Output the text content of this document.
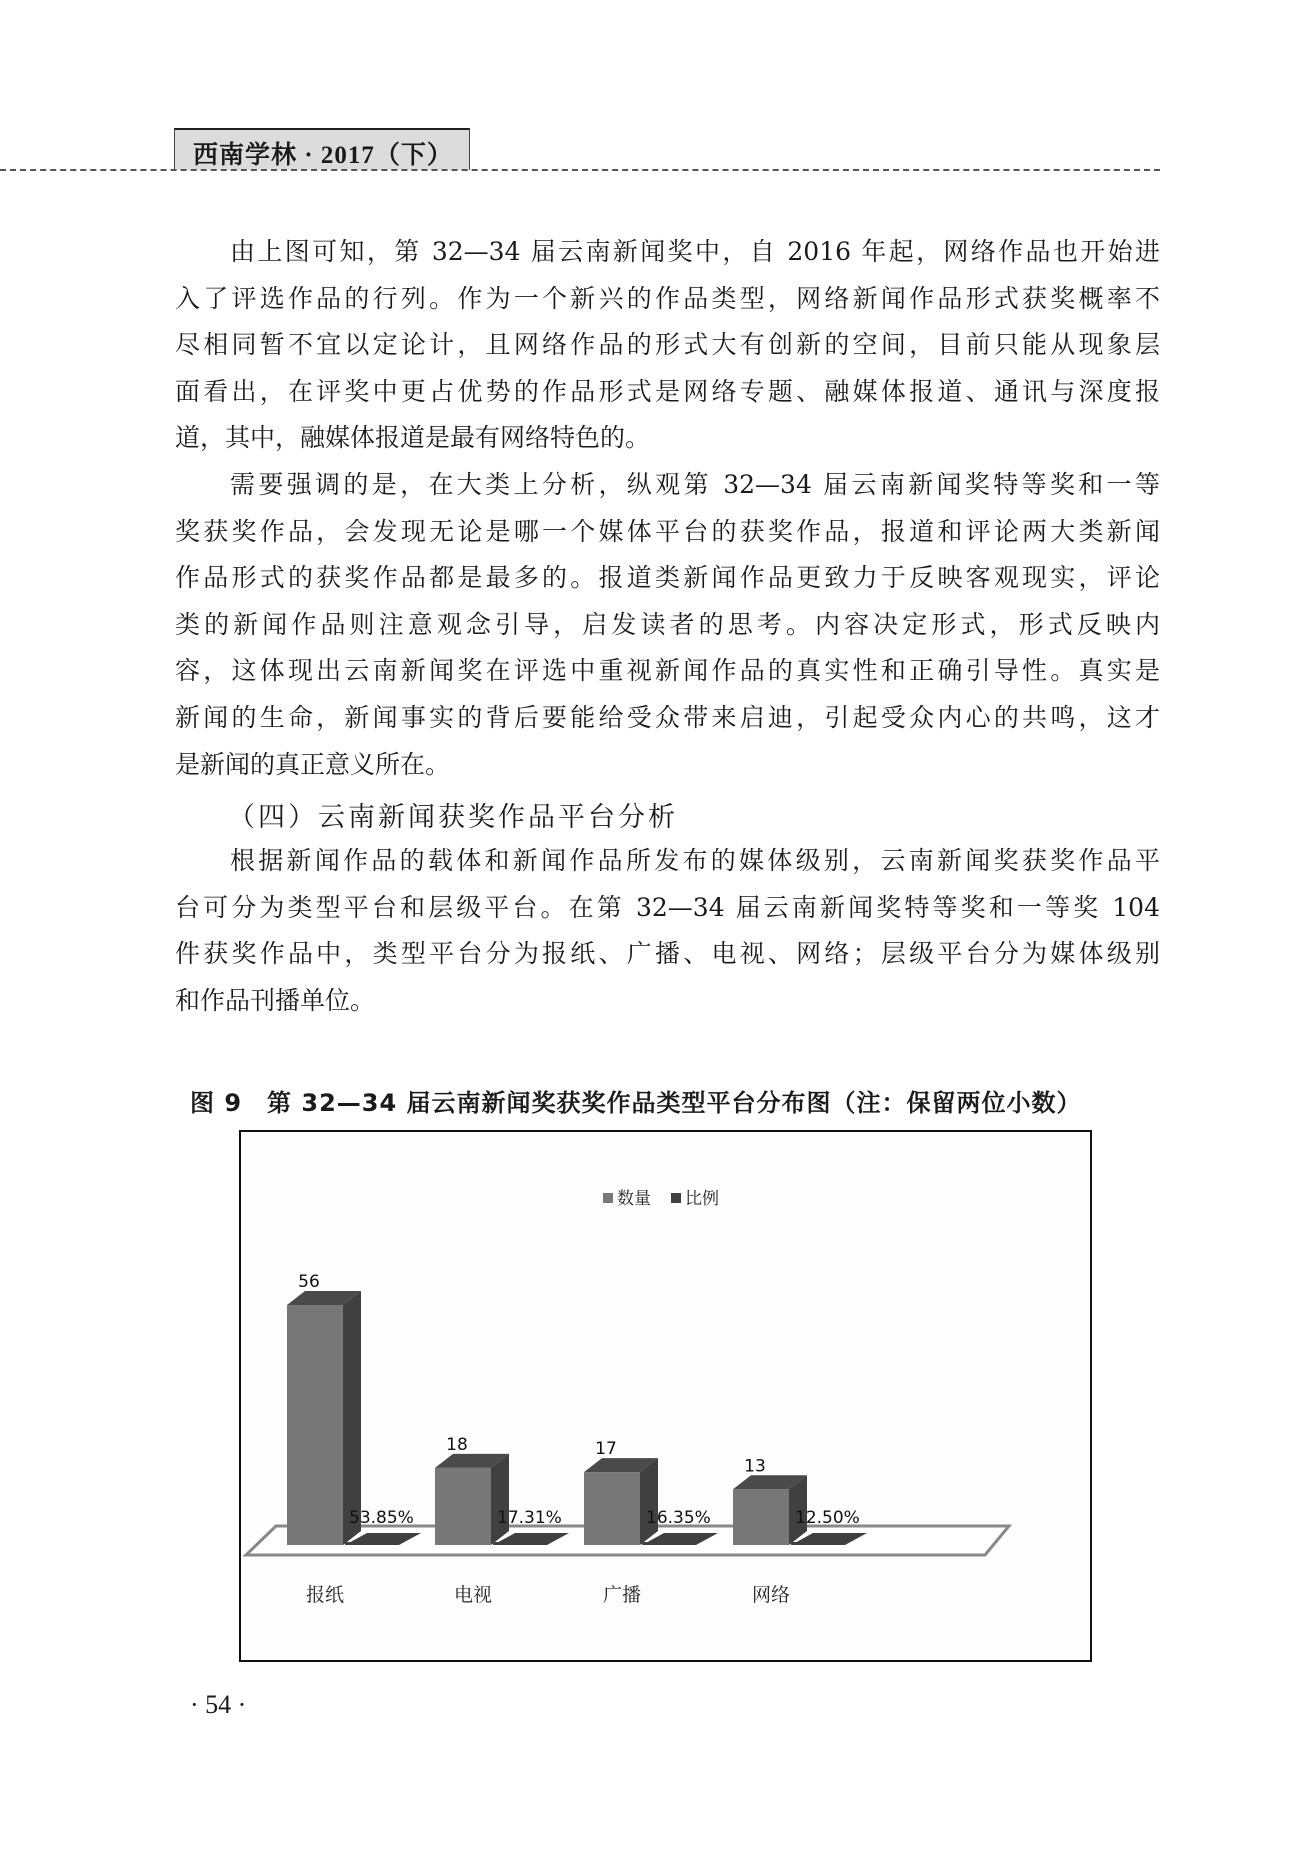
西南学林 · 2017（下）
由上图可知，第 32—34 届云南新闻奖中，自 2016 年起，网络作品也开始进
入了评选作品的行列。作为一个新兴的作品类型，网络新闻作品形式获奖概率不
尽相同暂不宜以定论计，且网络作品的形式大有创新的空间，目前只能从现象层
面看出，在评奖中更占优势的作品形式是网络专题、融媒体报道、通讯与深度报
道，其中，融媒体报道是最有网络特色的。
需要强调的是，在大类上分析，纵观第 32—34 届云南新闻奖特等奖和一等
奖获奖作品，会发现无论是哪一个媒体平台的获奖作品，报道和评论两大类新闻
作品形式的获奖作品都是最多的。报道类新闻作品更致力于反映客观现实，评论
类的新闻作品则注意观念引导，启发读者的思考。内容决定形式，形式反映内
容，这体现出云南新闻奖在评选中重视新闻作品的真实性和正确引导性。真实是
新闻的生命，新闻事实的背后要能给受众带来启迪，引起受众内心的共鸣，这才
是新闻的真正意义所在。
（四）云南新闻获奖作品平台分析
根据新闻作品的载体和新闻作品所发布的媒体级别，云南新闻奖获奖作品平
台可分为类型平台和层级平台。在第 32—34 届云南新闻奖特等奖和一等奖 104
件获奖作品中，类型平台分为报纸、广播、电视、网络；层级平台分为媒体级别
和作品刊播单位。
图 9　第 32—34 届云南新闻奖获奖作品类型平台分布图（注：保留两位小数）
56
53.85%
报纸
18
17.31%
电视
17
16.35%
广播
13
12.50%
网络
数量 比例
· 54 ·
